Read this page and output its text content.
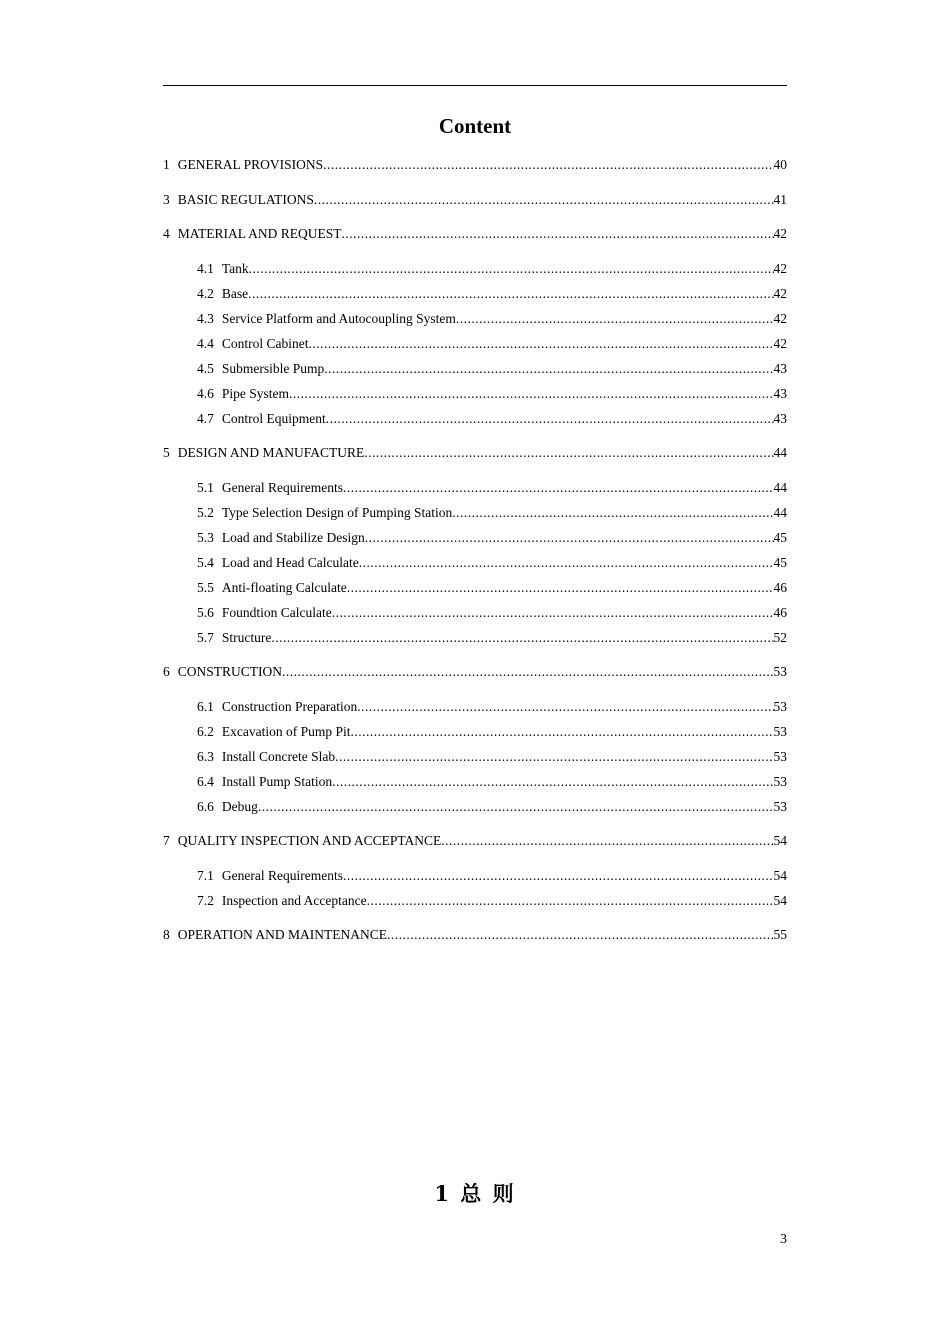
Content
1 GENERAL PROVISIONS .....	40
3 BASIC REGULATIONS .....	41
4 MATERIAL AND REQUEST .....	42
4.1 Tank .....	42
4.2 Base .....	42
4.3 Service Platform and Autocoupling System .....	42
4.4 Control Cabinet .....	42
4.5 Submersible Pump .....	43
4.6 Pipe System .....	43
4.7 Control Equipment .....	43
5 DESIGN AND MANUFACTURE .....	44
5.1 General Requirements .....	44
5.2 Type Selection Design of Pumping Station .....	44
5.3 Load and Stabilize Design .....	45
5.4 Load and Head Calculate .....	45
5.5 Anti-floating Calculate .....	46
5.6 Foundtion Calculate .....	46
5.7 Structure .....	52
6 CONSTRUCTION .....	53
6.1 Construction Preparation .....	53
6.2 Excavation of Pump Pit .....	53
6.3 Install Concrete Slab .....	53
6.4 Install Pump Station .....	53
6.6 Debug .....	53
7 QUALITY INSPECTION AND ACCEPTANCE .....	54
7.1 General Requirements .....	54
7.2 Inspection and Acceptance .....	54
8 OPERATION AND MAINTENANCE .....	55
1 总 则
3
